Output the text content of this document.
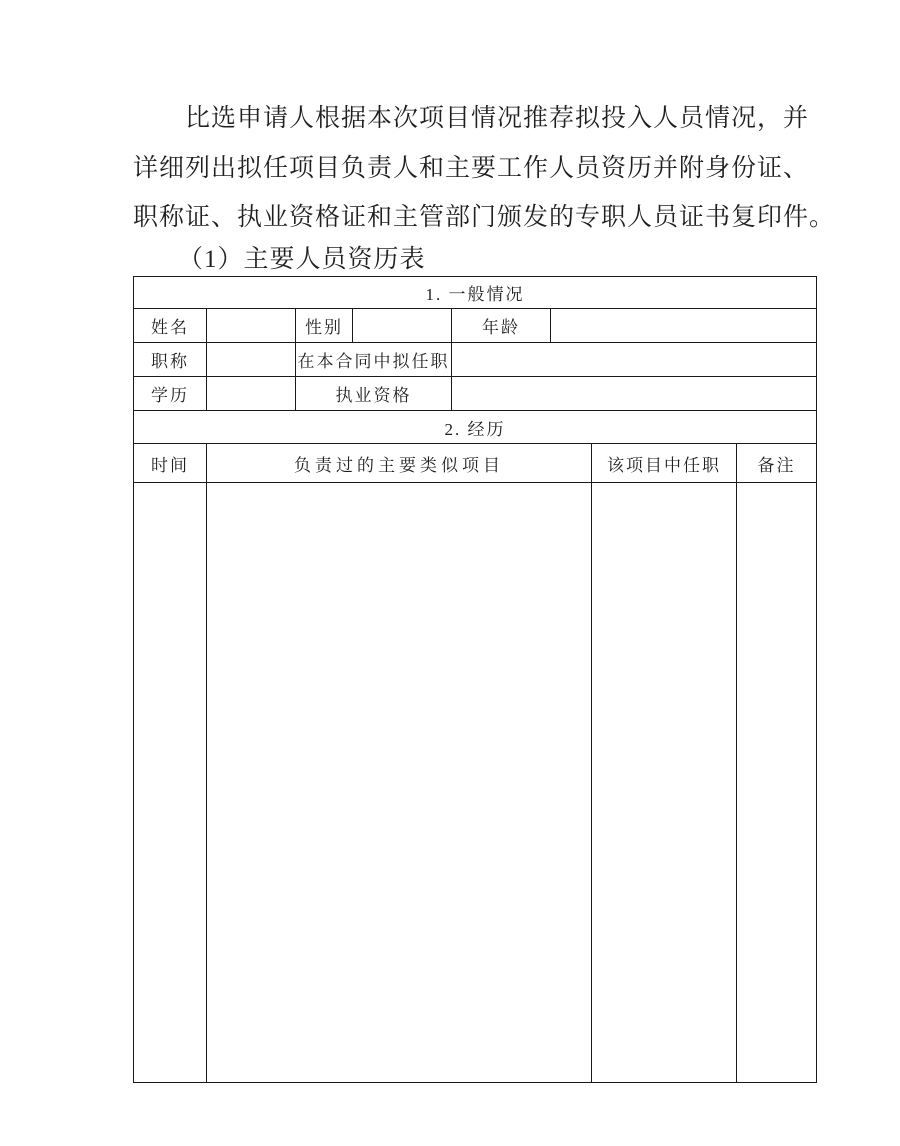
比选申请人根据本次项目情况推荐拟投入人员情况，并
详细列出拟任项目负责人和主要工作人员资历并附身份证、
职称证、执业资格证和主管部门颁发的专职人员证书复印件。
（1）主要人员资历表
1. 一般情况							
姓名		性别		年龄			
职称		在本合同中拟任职					
学历		执业资格					
2. 经历							
时间	负责过的主要类似项目					该项目中任职	备注
